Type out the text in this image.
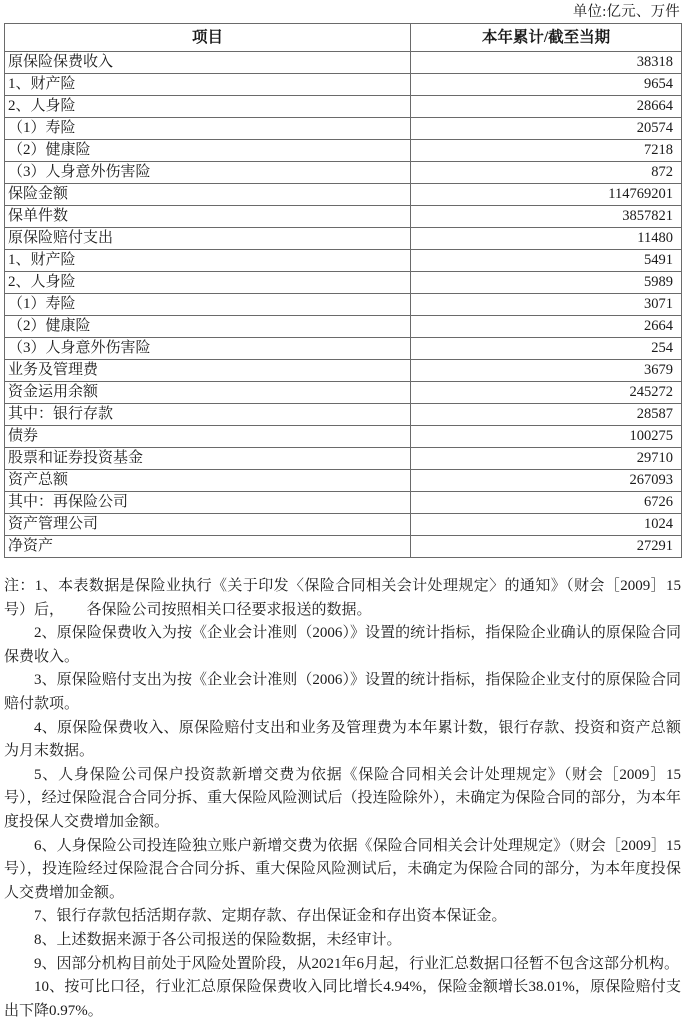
单位:亿元、万件
项目	本年累计/截至当期
原保险保费收入	38318
1、财产险	9654
2、人身险	28664
（1）寿险	20574
（2）健康险	7218
（3）人身意外伤害险	872
保险金额	114769201
保单件数	3857821
原保险赔付支出	11480
1、财产险	5491
2、人身险	5989
（1）寿险	3071
（2）健康险	2664
（3）人身意外伤害险	254
业务及管理费	3679
资金运用余额	245272
其中：银行存款	28587
债券	100275
股票和证券投资基金	29710
资产总额	267093
其中：再保险公司	6726
资产管理公司	1024
净资产	27291

注：1、本表数据是保险业执行《关于印发〈保险合同相关会计处理规定〉的通知》（财会［2009］15号）后，　　各保险公司按照相关口径要求报送的数据。

2、原保险保费收入为按《企业会计准则（2006）》设置的统计指标，指保险企业确认的原保险合同保费收入。

3、原保险赔付支出为按《企业会计准则（2006）》设置的统计指标，指保险企业支付的原保险合同赔付款项。

4、原保险保费收入、原保险赔付支出和业务及管理费为本年累计数，银行存款、投资和资产总额为月末数据。

5、人身保险公司保户投资款新增交费为依据《保险合同相关会计处理规定》（财会［2009］15号），经过保险混合合同分拆、重大保险风险测试后（投连险除外），未确定为保险合同的部分，为本年度投保人交费增加金额。

6、人身保险公司投连险独立账户新增交费为依据《保险合同相关会计处理规定》（财会［2009］15号），投连险经过保险混合合同分拆、重大保险风险测试后，未确定为保险合同的部分，为本年度投保人交费增加金额。

7、银行存款包括活期存款、定期存款、存出保证金和存出资本保证金。

8、上述数据来源于各公司报送的保险数据，未经审计。

9、因部分机构目前处于风险处置阶段，从2021年6月起，行业汇总数据口径暂不包含这部分机构。

10、按可比口径，行业汇总原保险保费收入同比增长4.94%，保险金额增长38.01%，原保险赔付支出下降0.97%。
